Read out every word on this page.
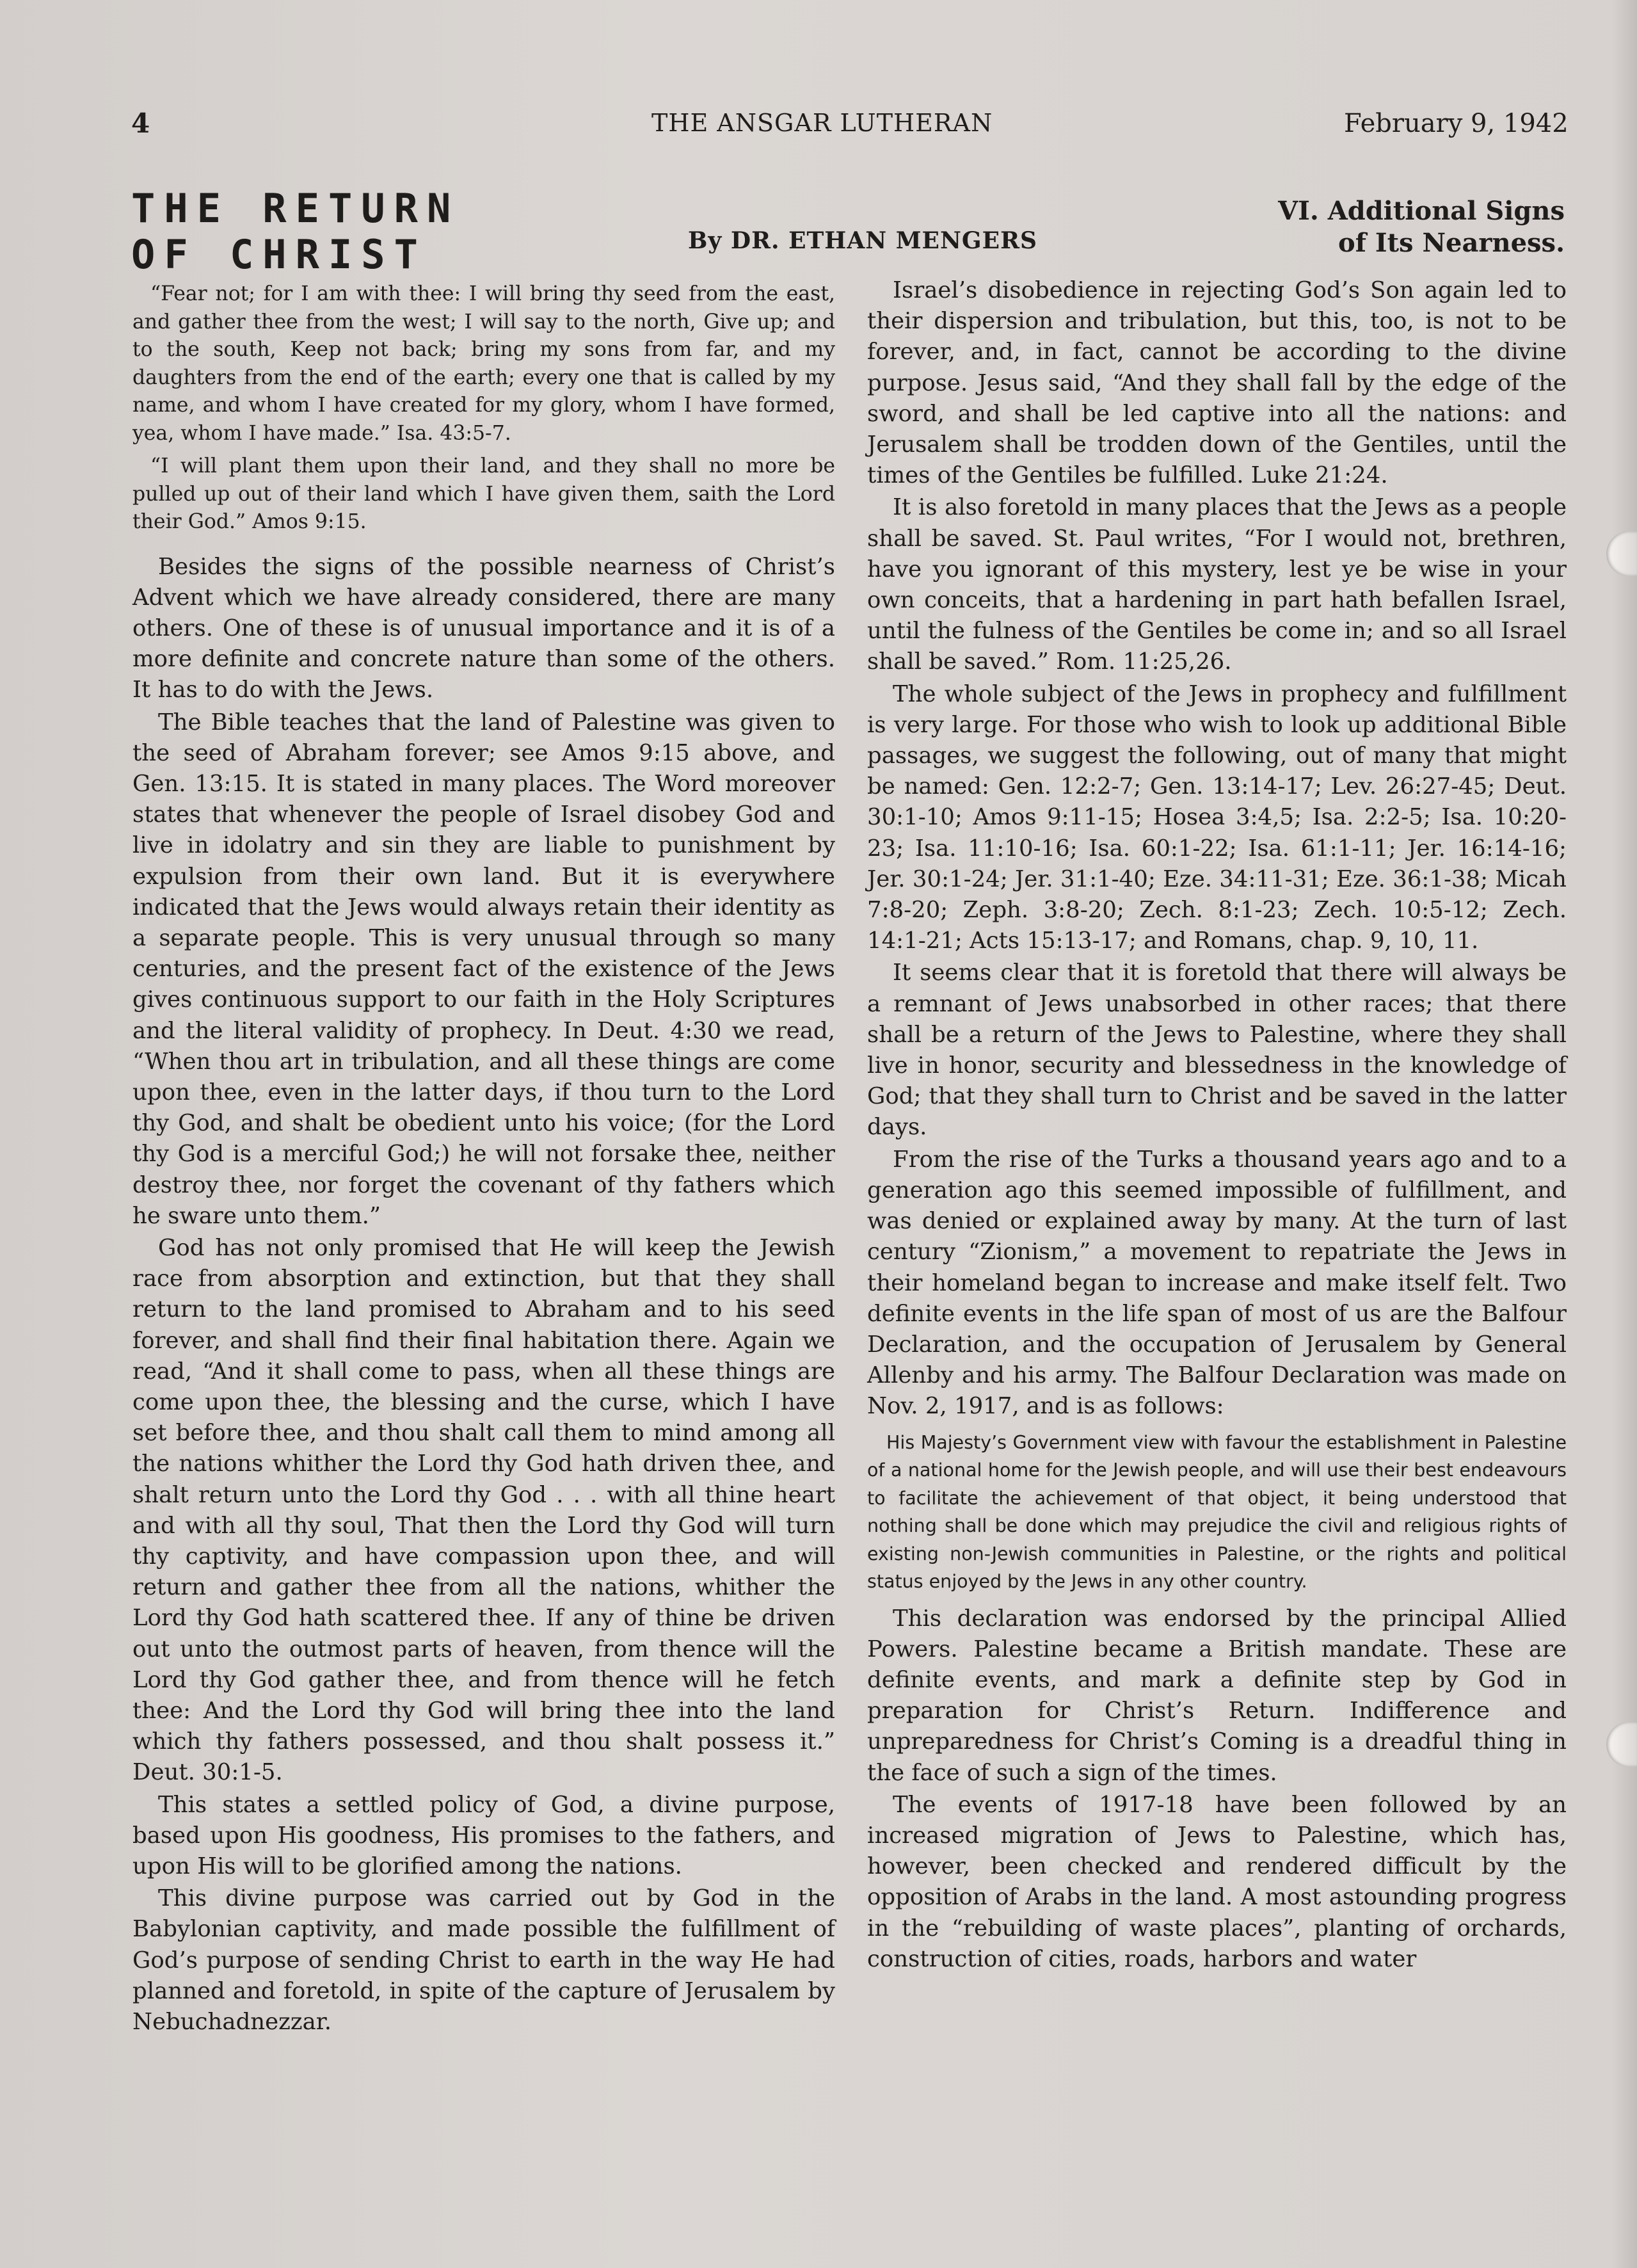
4	THE ANSGAR LUTHERAN	February 9, 1942
THE RETURN
OF CHRIST	By DR. ETHAN MENGERS
VI. Additional Signs
of Its Nearness.

“Fear not; for I am with thee: I will bring thy seed from the east, and gather thee from the west; I will say to the north, Give up; and to the south, Keep not back; bring my sons from far, and my daughters from the end of the earth; every one that is called by my name, and whom I have created for my glory, whom I have formed, yea, whom I have made.” Isa. 43:5-7.

“I will plant them upon their land, and they shall no more be pulled up out of their land which I have given them, saith the Lord their God.” Amos 9:15.

Besides the signs of the possible nearness of Christ’s Advent which we have already considered, there are many others. One of these is of unusual importance and it is of a more definite and concrete nature than some of the others. It has to do with the Jews.

The Bible teaches that the land of Palestine was given to the seed of Abraham forever; see Amos 9:15 above, and Gen. 13:15. It is stated in many places. The Word moreover states that whenever the people of Israel disobey God and live in idolatry and sin they are liable to punishment by expulsion from their own land. But it is everywhere indicated that the Jews would always retain their identity as a separate people. This is very unusual through so many centuries, and the present fact of the existence of the Jews gives continuous support to our faith in the Holy Scriptures and the literal validity of prophecy. In Deut. 4:30 we read, “When thou art in tribulation, and all these things are come upon thee, even in the latter days, if thou turn to the Lord thy God, and shalt be obedient unto his voice; (for the Lord thy God is a merciful God;) he will not forsake thee, neither destroy thee, nor forget the covenant of thy fathers which he sware unto them.”

God has not only promised that He will keep the Jewish race from absorption and extinction, but that they shall return to the land promised to Abraham and to his seed forever, and shall find their final habitation there. Again we read, “And it shall come to pass, when all these things are come upon thee, the blessing and the curse, which I have set before thee, and thou shalt call them to mind among all the nations whither the Lord thy God hath driven thee, and shalt return unto the Lord thy God . . . with all thine heart and with all thy soul, That then the Lord thy God will turn thy captivity, and have compassion upon thee, and will return and gather thee from all the nations, whither the Lord thy God hath scattered thee. If any of thine be driven out unto the outmost parts of heaven, from thence will the Lord thy God gather thee, and from thence will he fetch thee: And the Lord thy God will bring thee into the land which thy fathers possessed, and thou shalt possess it.” Deut. 30:1-5.

This states a settled policy of God, a divine purpose, based upon His goodness, His promises to the fathers, and upon His will to be glorified among the nations.

This divine purpose was carried out by God in the Babylonian captivity, and made possible the fulfillment of God’s purpose of sending Christ to earth in the way He had planned and foretold, in spite of the capture of Jerusalem by Nebuchadnezzar.

Israel’s disobedience in rejecting God’s Son again led to their dispersion and tribulation, but this, too, is not to be forever, and, in fact, cannot be according to the divine purpose. Jesus said, “And they shall fall by the edge of the sword, and shall be led captive into all the nations: and Jerusalem shall be trodden down of the Gentiles, until the times of the Gentiles be fulfilled. Luke 21:24.

It is also foretold in many places that the Jews as a people shall be saved. St. Paul writes, “For I would not, brethren, have you ignorant of this mystery, lest ye be wise in your own conceits, that a hardening in part hath befallen Israel, until the fulness of the Gentiles be come in; and so all Israel shall be saved.” Rom. 11:25,26.

The whole subject of the Jews in prophecy and fulfillment is very large. For those who wish to look up additional Bible passages, we suggest the following, out of many that might be named: Gen. 12:2-7; Gen. 13:14-17; Lev. 26:27-45; Deut. 30:1-10; Amos 9:11-15; Hosea 3:4,5; Isa. 2:2-5; Isa. 10:20-23; Isa. 11:10-16; Isa. 60:1-22; Isa. 61:1-11; Jer. 16:14-16; Jer. 30:1-24; Jer. 31:1-40; Eze. 34:11-31; Eze. 36:1-38; Micah 7:8-20; Zeph. 3:8-20; Zech. 8:1-23; Zech. 10:5-12; Zech. 14:1-21; Acts 15:13-17; and Romans, chap. 9, 10, 11.

It seems clear that it is foretold that there will always be a remnant of Jews unabsorbed in other races; that there shall be a return of the Jews to Palestine, where they shall live in honor, security and blessedness in the knowledge of God; that they shall turn to Christ and be saved in the latter days.

From the rise of the Turks a thousand years ago and to a generation ago this seemed impossible of fulfillment, and was denied or explained away by many. At the turn of last century “Zionism,” a movement to repatriate the Jews in their homeland began to increase and make itself felt. Two definite events in the life span of most of us are the Balfour Declaration, and the occupation of Jerusalem by General Allenby and his army. The Balfour Declaration was made on Nov. 2, 1917, and is as follows:

His Majesty’s Government view with favour the establishment in Palestine of a national home for the Jewish people, and will use their best endeavours to facilitate the achievement of that object, it being understood that nothing shall be done which may prejudice the civil and religious rights of existing non-Jewish communities in Palestine, or the rights and political status enjoyed by the Jews in any other country.

This declaration was endorsed by the principal Allied Powers. Palestine became a British mandate. These are definite events, and mark a definite step by God in preparation for Christ’s Return. Indifference and unpreparedness for Christ’s Coming is a dreadful thing in the face of such a sign of the times.

The events of 1917-18 have been followed by an increased migration of Jews to Palestine, which has, however, been checked and rendered difficult by the opposition of Arabs in the land. A most astounding progress in the “rebuilding of waste places”, planting of orchards, construction of cities, roads, harbors and water
